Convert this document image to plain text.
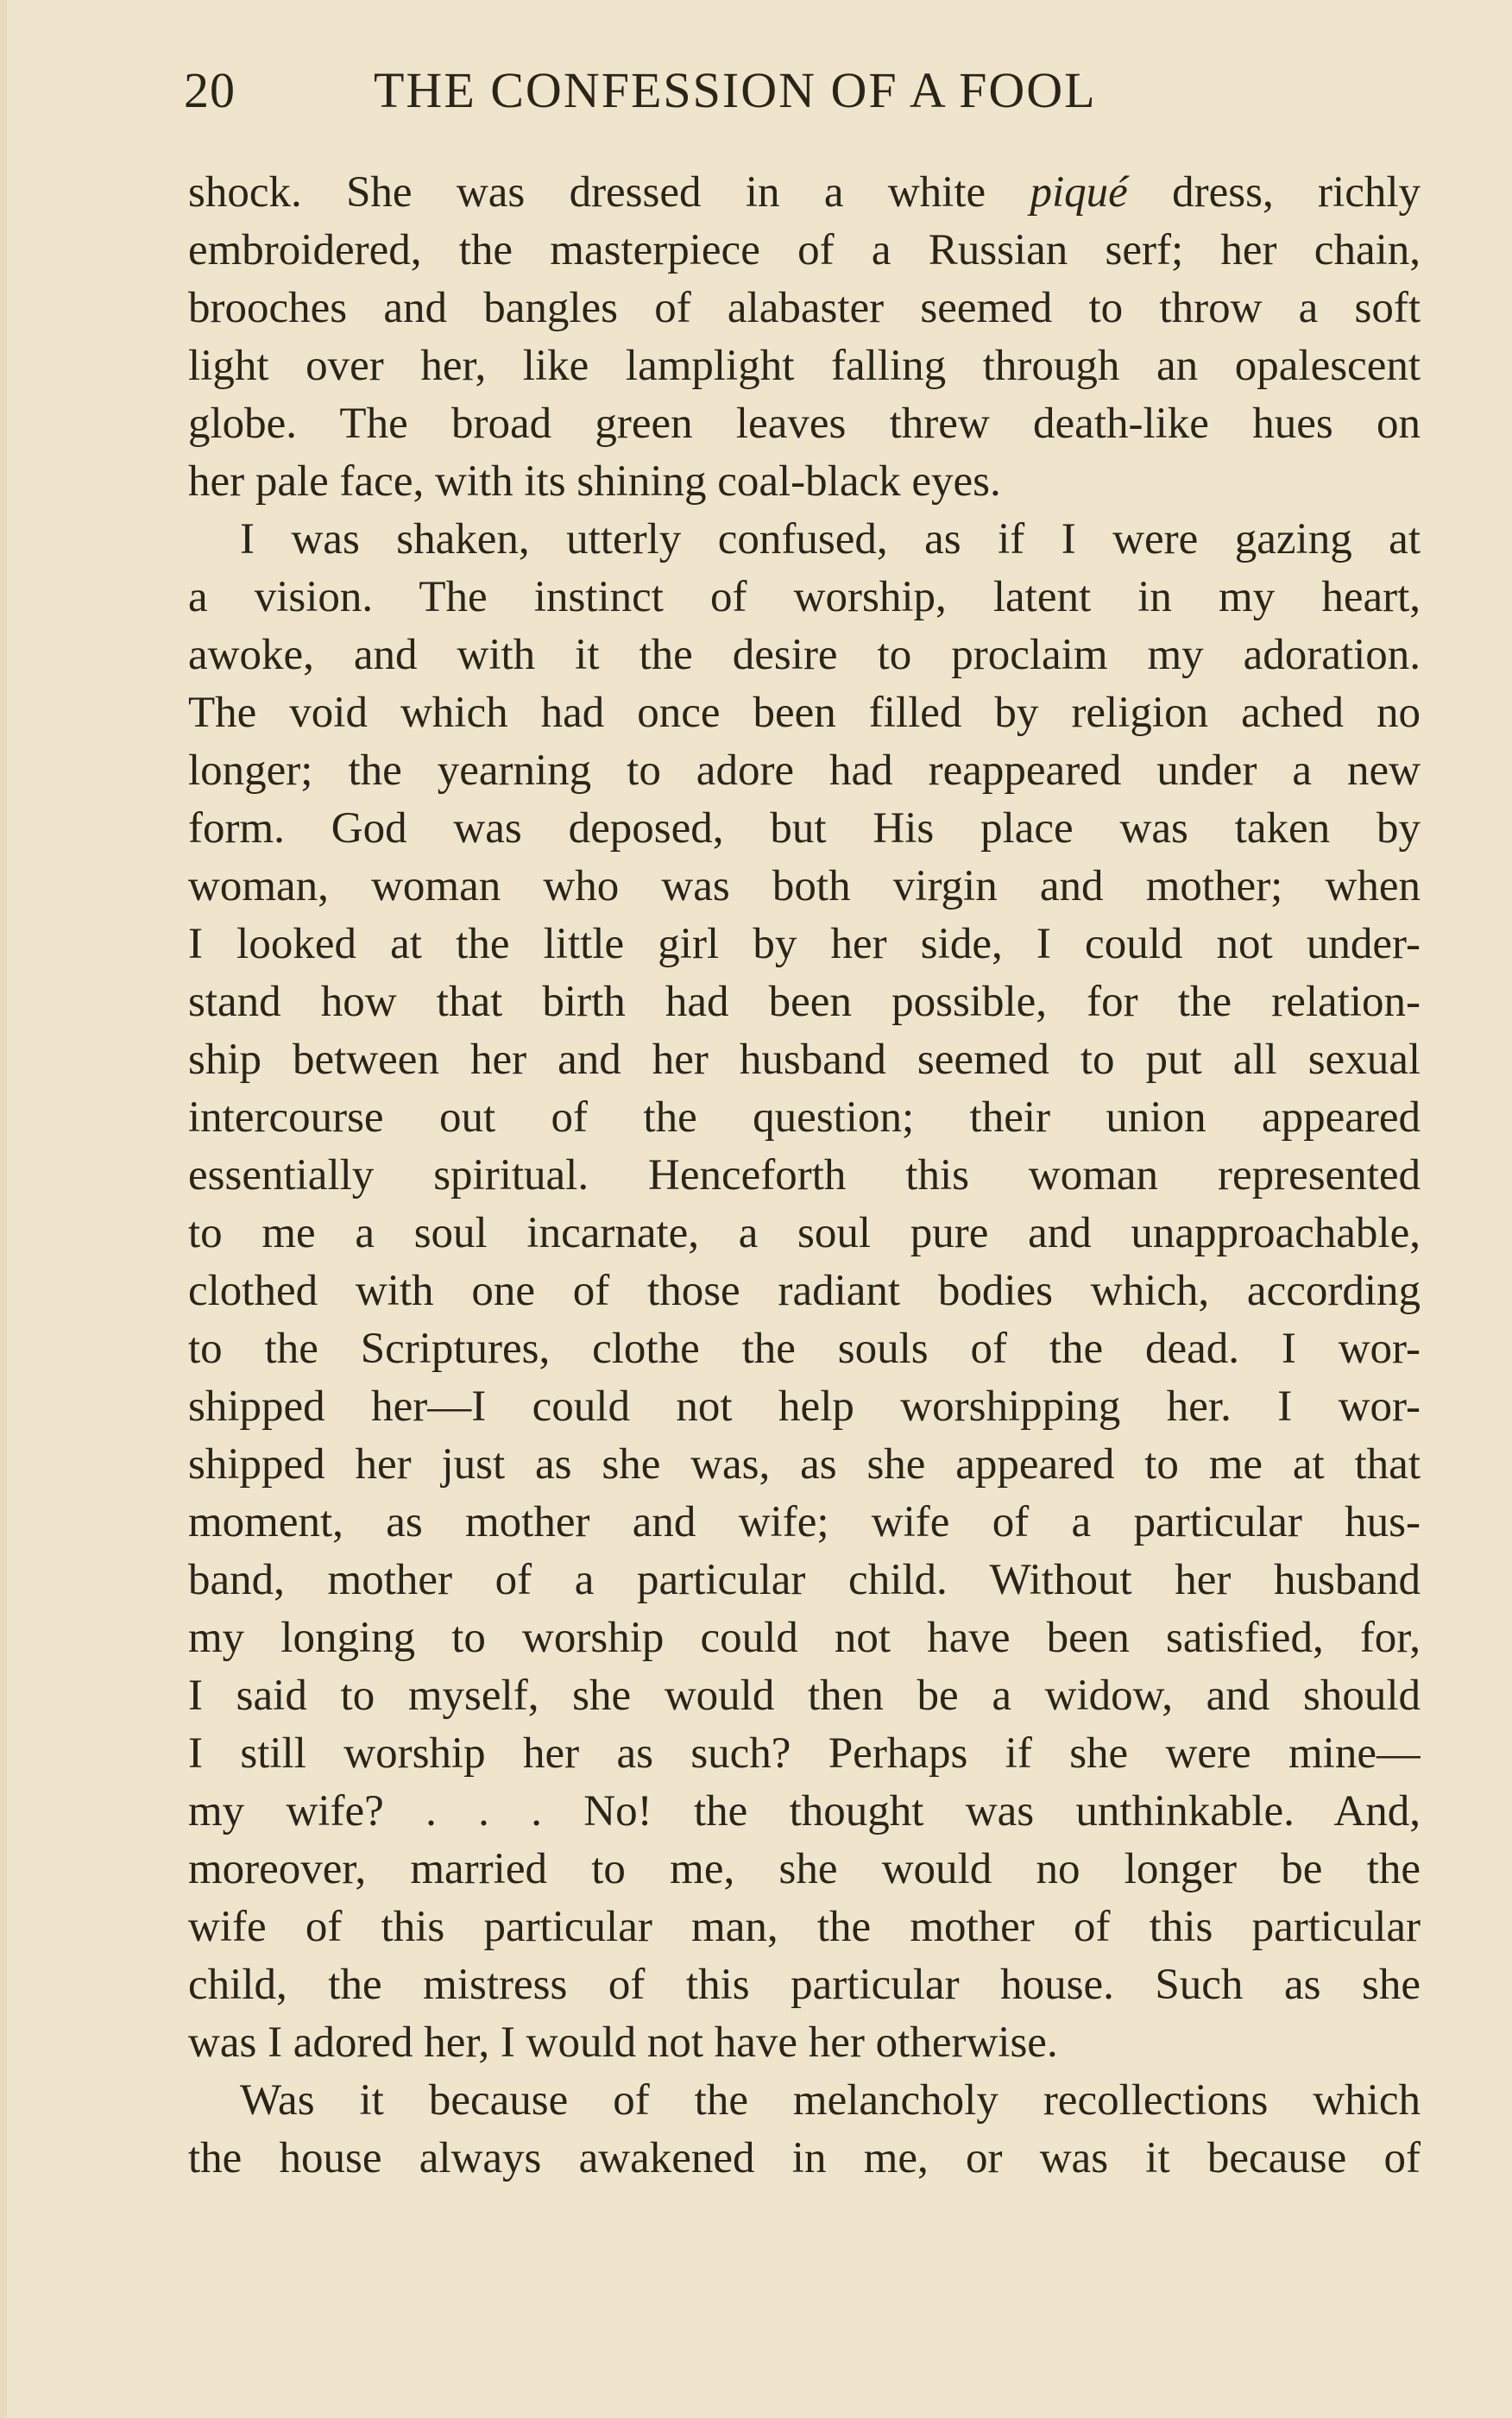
20	THE CONFESSION OF A FOOL
shock. She was dressed in a white piqué dress, richly
embroidered, the masterpiece of a Russian serf; her chain,
brooches and bangles of alabaster seemed to throw a soft
light over her, like lamplight falling through an opalescent
globe. The broad green leaves threw death-like hues on
her pale face, with its shining coal-black eyes.
I was shaken, utterly confused, as if I were gazing at
a vision. The instinct of worship, latent in my heart,
awoke, and with it the desire to proclaim my adoration.
The void which had once been filled by religion ached no
longer; the yearning to adore had reappeared under a new
form. God was deposed, but His place was taken by
woman, woman who was both virgin and mother; when
I looked at the little girl by her side, I could not under-
stand how that birth had been possible, for the relation-
ship between her and her husband seemed to put all sexual
intercourse out of the question; their union appeared
essentially spiritual. Henceforth this woman represented
to me a soul incarnate, a soul pure and unapproachable,
clothed with one of those radiant bodies which, according
to the Scriptures, clothe the souls of the dead. I wor-
shipped her—I could not help worshipping her. I wor-
shipped her just as she was, as she appeared to me at that
moment, as mother and wife; wife of a particular hus-
band, mother of a particular child. Without her husband
my longing to worship could not have been satisfied, for,
I said to myself, she would then be a widow, and should
I still worship her as such? Perhaps if she were mine—
my wife? . . . No! the thought was unthinkable. And,
moreover, married to me, she would no longer be the
wife of this particular man, the mother of this particular
child, the mistress of this particular house. Such as she
was I adored her, I would not have her otherwise.
Was it because of the melancholy recollections which
the house always awakened in me, or was it because of
